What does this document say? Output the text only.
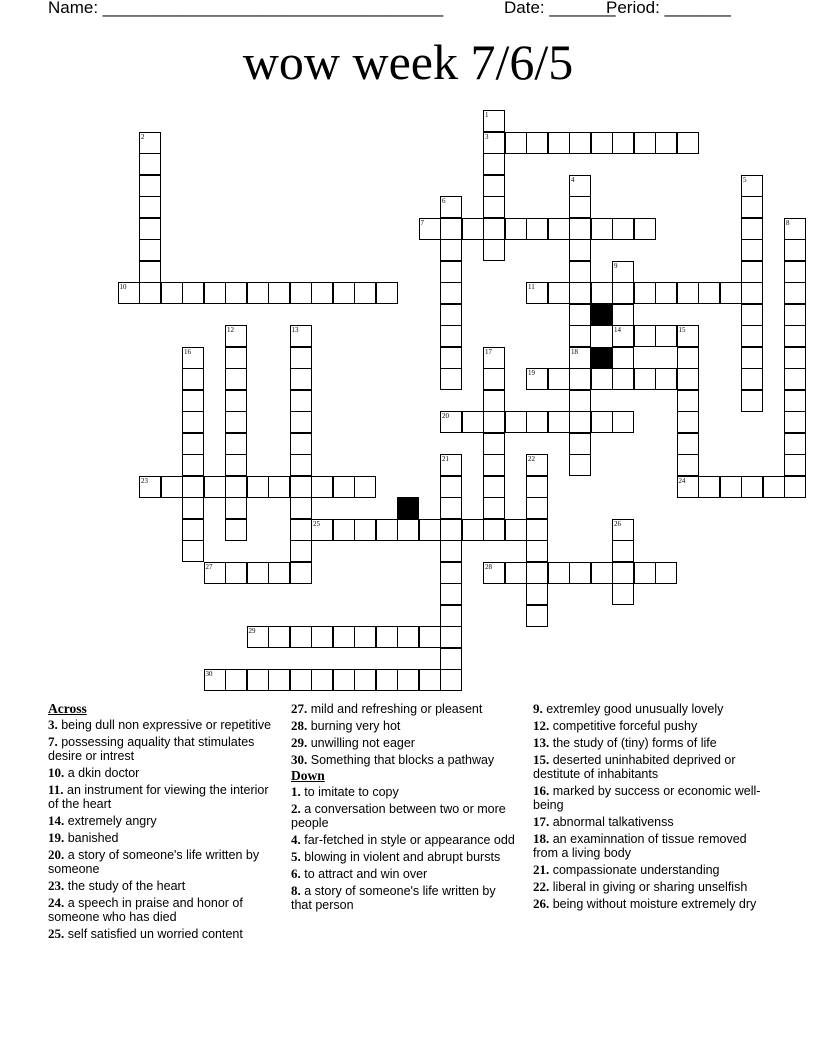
Name: ____________________________________	Date: _______
Period: _______
wow week 7/6/5
1
2	3
4	5
6
7	8
9
10	11
12	13	14	15
16	17	18
19
20
21	22
23	24
25	26
27	28
29
30
Across
3. being dull non expressive or repetitive
7. possessing aquality that stimulates desire or intrest
10. a dkin doctor
11. an instrument for viewing the interior of the heart
14. extremely angry
19. banished
20. a story of someone's life written by someone
23. the study of the heart
24. a speech in praise and honor of someone who has died
25. self satisfied un worried content
27. mild and refreshing or pleasent
28. burning very hot
29. unwilling not eager
30. Something that blocks a pathway
Down
1. to imitate to copy
2. a conversation between two or more people
4. far-fetched in style or appearance odd
5. blowing in violent and abrupt bursts
6. to attract and win over
8. a story of someone's life written by that person
9. extremley good unusually lovely
12. competitive forceful pushy
13. the study of (tiny) forms of life
15. deserted uninhabited deprived or destitute of inhabitants
16. marked by success or economic well-being
17. abnormal talkativenss
18. an examinnation of tissue removed from a living body
21. compassionate understanding
22. liberal in giving or sharing unselfish
26. being without moisture extremely dry
